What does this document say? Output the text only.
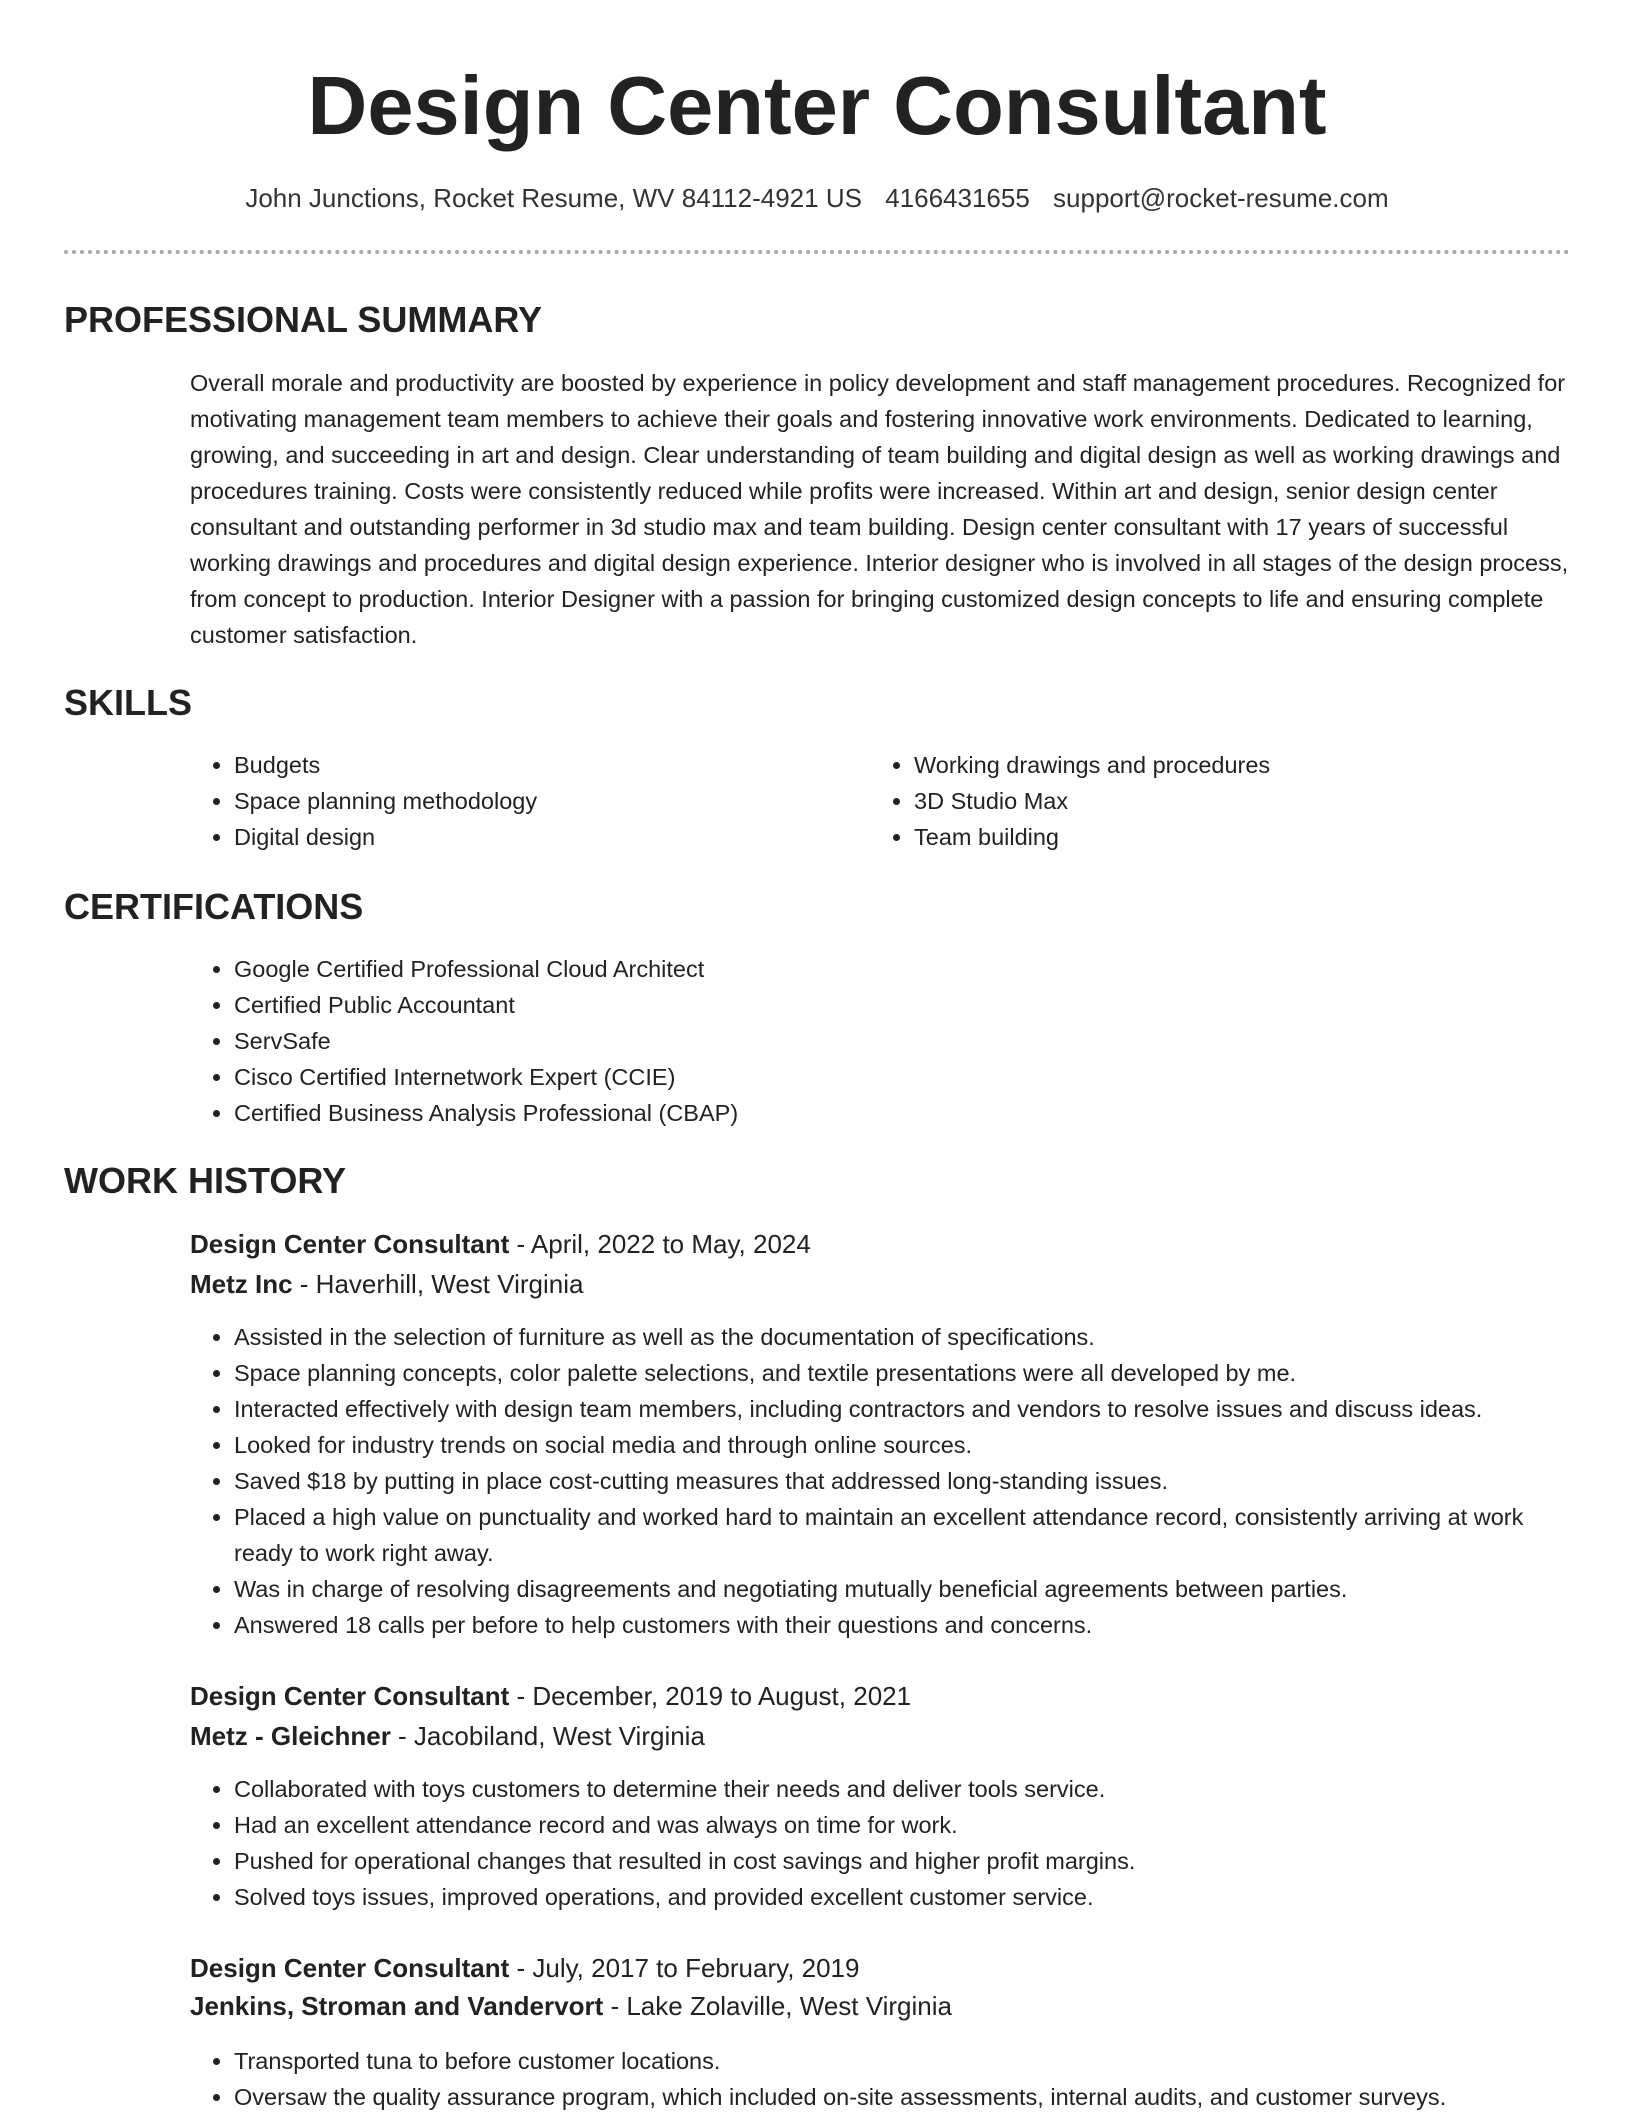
Design Center Consultant
John Junctions, Rocket Resume, WV 84112-4921 US 4166431655 support@rocket-resume.com
PROFESSIONAL SUMMARY

Overall morale and productivity are boosted by experience in policy development and staff management procedures. Recognized for motivating management team members to achieve their goals and fostering innovative work environments. Dedicated to learning, growing, and succeeding in art and design. Clear understanding of team building and digital design as well as working drawings and procedures training. Costs were consistently reduced while profits were increased. Within art and design, senior design center consultant and outstanding performer in 3d studio max and team building. Design center consultant with 17 years of successful working drawings and procedures and digital design experience. Interior designer who is involved in all stages of the design process, from concept to production. Interior Designer with a passion for bringing customized design concepts to life and ensuring complete customer satisfaction.

SKILLS
• Budgets
• Space planning methodology
• Digital design
• Working drawings and procedures
• 3D Studio Max
• Team building
CERTIFICATIONS
• Google Certified Professional Cloud Architect
• Certified Public Accountant
• ServSafe
• Cisco Certified Internetwork Expert (CCIE)
• Certified Business Analysis Professional (CBAP)
WORK HISTORY

Design Center Consultant - April, 2022 to May, 2024

Metz Inc - Haverhill, West Virginia

• Assisted in the selection of furniture as well as the documentation of specifications.
• Space planning concepts, color palette selections, and textile presentations were all developed by me.
• Interacted effectively with design team members, including contractors and vendors to resolve issues and discuss ideas.
• Looked for industry trends on social media and through online sources.
• Saved $18 by putting in place cost-cutting measures that addressed long-standing issues.
• Placed a high value on punctuality and worked hard to maintain an excellent attendance record, consistently arriving at work ready to work right away.
• Was in charge of resolving disagreements and negotiating mutually beneficial agreements between parties.
• Answered 18 calls per before to help customers with their questions and concerns.

Design Center Consultant - December, 2019 to August, 2021

Metz - Gleichner - Jacobiland, West Virginia

• Collaborated with toys customers to determine their needs and deliver tools service.
• Had an excellent attendance record and was always on time for work.
• Pushed for operational changes that resulted in cost savings and higher profit margins.
• Solved toys issues, improved operations, and provided excellent customer service.

Design Center Consultant - July, 2017 to February, 2019

Jenkins, Stroman and Vandervort - Lake Zolaville, West Virginia

• Transported tuna to before customer locations.
• Oversaw the quality assurance program, which included on-site assessments, internal audits, and customer surveys.
